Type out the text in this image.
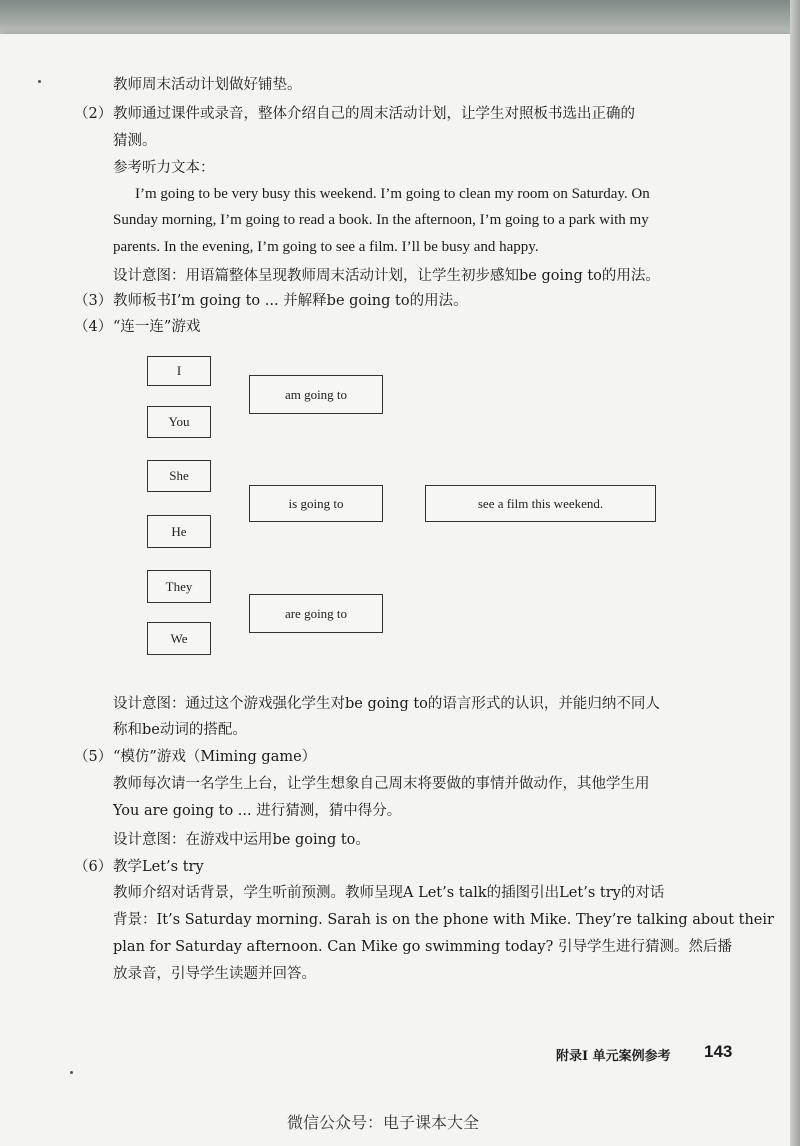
教师周末活动计划做好铺垫。
（2） 教师通过课件或录音，整体介绍自己的周末活动计划，让学生对照板书选出正确的
猜测。
参考听力文本：
I’m going to be very busy this weekend. I’m going to clean my room on Saturday. On
Sunday morning, I’m going to read a book. In the afternoon, I’m going to a park with my
parents. In the evening, I’m going to see a film. I’ll be busy and happy.
设计意图：用语篇整体呈现教师周末活动计划，让学生初步感知be going to的用法。
（3） 教师板书I’m going to ... 并解释be going to的用法。
（4） “连一连”游戏
I
You
She
He
They
We
am going to
is going to
are going to
see a film this weekend.
设计意图：通过这个游戏强化学生对be going to的语言形式的认识，并能归纳不同人
称和be动词的搭配。
（5） “模仿”游戏（Miming game）
教师每次请一名学生上台，让学生想象自己周末将要做的事情并做动作，其他学生用
You are going to ... 进行猜测，猜中得分。
设计意图：在游戏中运用be going to。
（6） 教学Let’s try
教师介绍对话背景，学生听前预测。教师呈现A Let’s talk的插图引出Let’s try的对话
背景：It’s Saturday morning. Sarah is on the phone with Mike. They’re talking about their
plan for Saturday afternoon. Can Mike go swimming today? 引导学生进行猜测。然后播
放录音，引导学生读题并回答。
附录Ⅰ 单元案例参考 143
微信公众号：电子课本大全
